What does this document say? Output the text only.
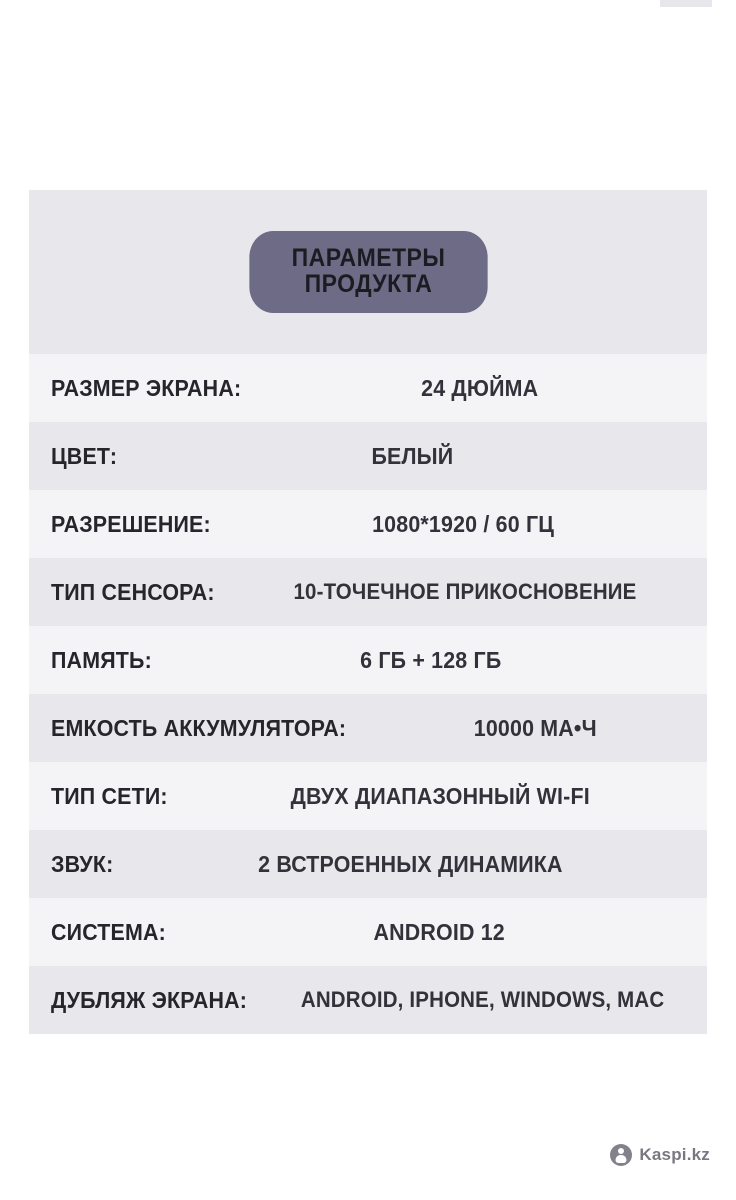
ПАРАМЕТРЫ
ПРОДУКТА
РАЗМЕР ЭКРАНА:	24 ДЮЙМА
ЦВЕТ:	БЕЛЫЙ
РАЗРЕШЕНИЕ:	1080*1920 / 60 ГЦ
ТИП СЕНСОРА:	10-ТОЧЕЧНОЕ ПРИКОСНОВЕНИЕ
ПАМЯТЬ:	6 ГБ + 128 ГБ
ЕМКОСТЬ АККУМУЛЯТОРА:	10000 МА•Ч
ТИП СЕТИ:	ДВУХ ДИАПАЗОННЫЙ WI-FI
ЗВУК:	2 ВСТРОЕННЫХ ДИНАМИКА
СИСТЕМА:	ANDROID 12
ДУБЛЯЖ ЭКРАНА:	ANDROID, IPHONE, WINDOWS, MAC
Kaspi.kz
